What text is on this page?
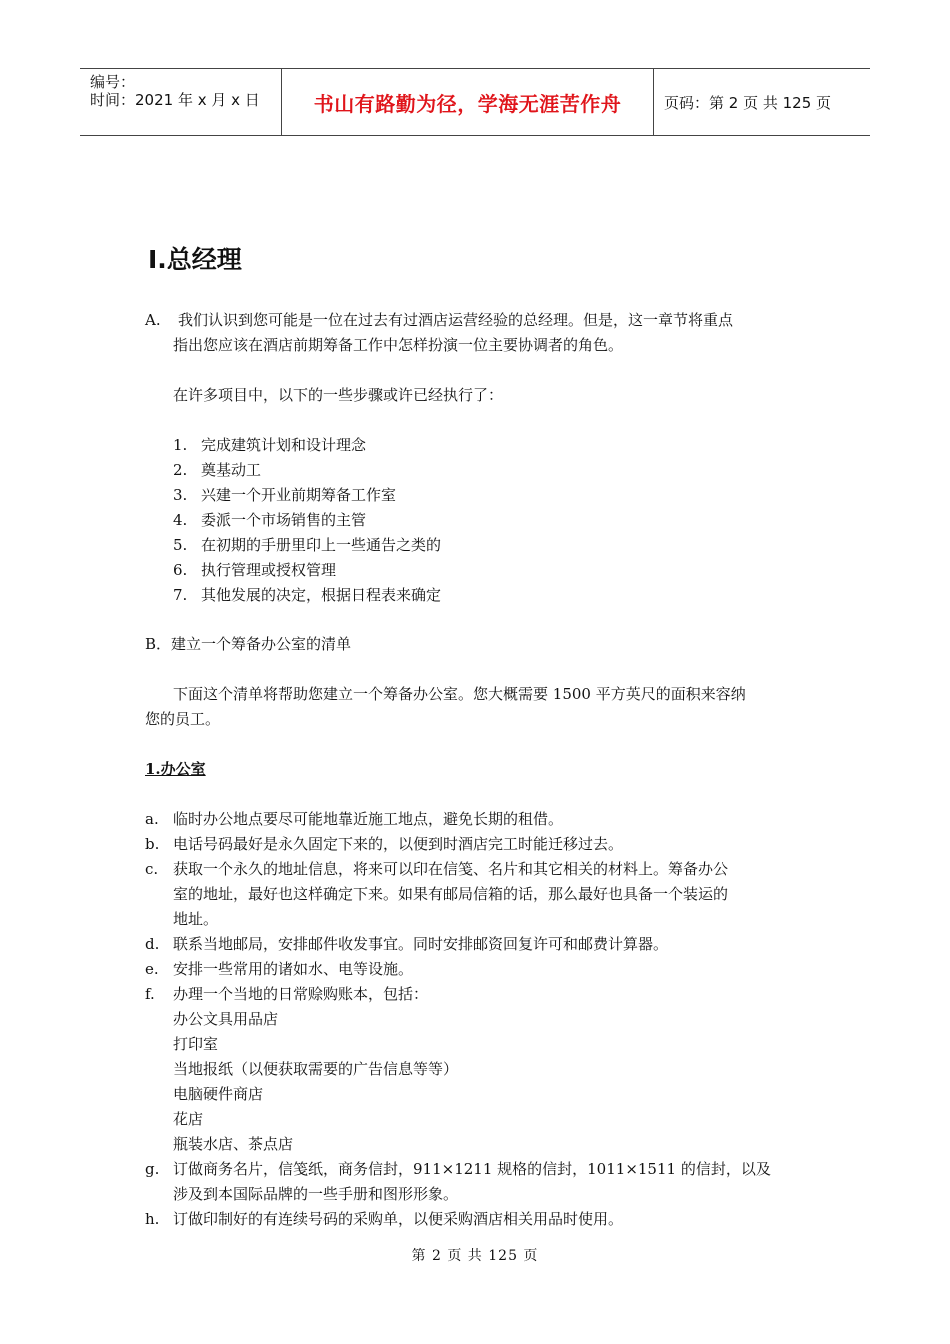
编号：
时间：2021 年 x 月 x 日	书山有路勤为径，学海无涯苦作舟	页码：第 2 页 共 125 页
Ⅰ.总经理
A. 我们认识到您可能是一位在过去有过酒店运营经验的总经理。但是，这一章节将重点
指出您应该在酒店前期筹备工作中怎样扮演一位主要协调者的角色。
在许多项目中，以下的一些步骤或许已经执行了：
1. 完成建筑计划和设计理念
2. 奠基动工
3. 兴建一个开业前期筹备工作室
4. 委派一个市场销售的主管
5. 在初期的手册里印上一些通告之类的
6. 执行管理或授权管理
7. 其他发展的决定，根据日程表来确定
B．建立一个筹备办公室的清单
下面这个清单将帮助您建立一个筹备办公室。您大概需要 1500 平方英尺的面积来容纳
您的员工。
1.办公室
a. 临时办公地点要尽可能地靠近施工地点，避免长期的租借。
b. 电话号码最好是永久固定下来的，以便到时酒店完工时能迁移过去。
c. 获取一个永久的地址信息，将来可以印在信笺、名片和其它相关的材料上。筹备办公
室的地址，最好也这样确定下来。如果有邮局信箱的话，那么最好也具备一个装运的
地址。
d. 联系当地邮局，安排邮件收发事宜。同时安排邮资回复许可和邮费计算器。
e. 安排一些常用的诸如水、电等设施。
f. 办理一个当地的日常赊购账本，包括：
办公文具用品店
打印室
当地报纸（以便获取需要的广告信息等等）
电脑硬件商店
花店
瓶装水店、茶点店
g. 订做商务名片，信笺纸，商务信封，911×1211 规格的信封，1011×1511 的信封，以及
涉及到本国际品牌的一些手册和图形形象。
h. 订做印制好的有连续号码的采购单，以便采购酒店相关用品时使用。
第 2 页 共 125 页
